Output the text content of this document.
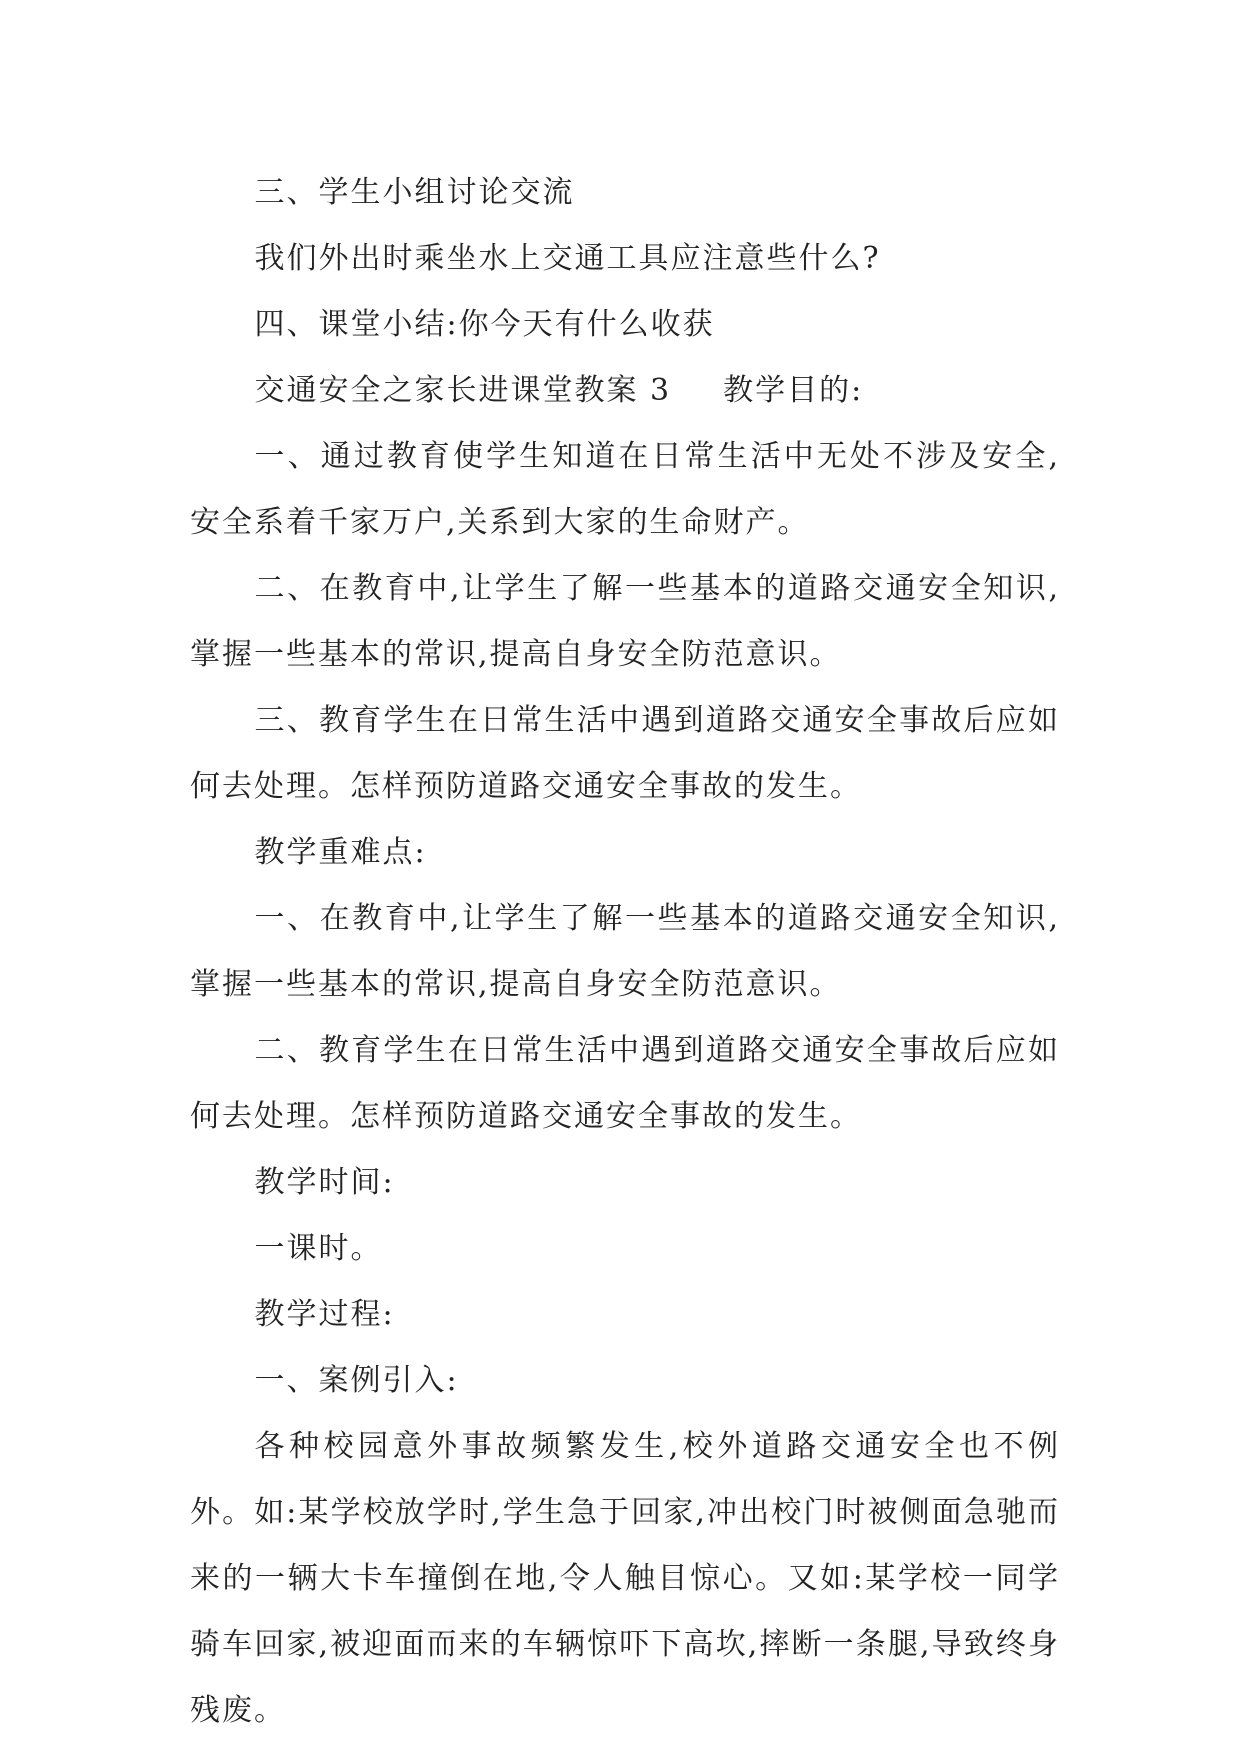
三、学生小组讨论交流

我们外出时乘坐水上交通工具应注意些什么?

四、课堂小结:你今天有什么收获

交通安全之家长进课堂教案 3 教学目的:

一、通过教育使学生知道在日常生活中无处不涉及安全,安全系着千家万户,关系到大家的生命财产。

二、在教育中,让学生了解一些基本的道路交通安全知识,掌握一些基本的常识,提高自身安全防范意识。

三、教育学生在日常生活中遇到道路交通安全事故后应如何去处理。怎样预防道路交通安全事故的发生。

教学重难点:

一、在教育中,让学生了解一些基本的道路交通安全知识,掌握一些基本的常识,提高自身安全防范意识。

二、教育学生在日常生活中遇到道路交通安全事故后应如何去处理。怎样预防道路交通安全事故的发生。

教学时间:

一课时。

教学过程:

一、案例引入:

各种校园意外事故频繁发生,校外道路交通安全也不例外。如:某学校放学时,学生急于回家,冲出校门时被侧面急驰而来的一辆大卡车撞倒在地,令人触目惊心。又如:某学校一同学骑车回家,被迎面而来的车辆惊吓下高坎,摔断一条腿,导致终身残废。
